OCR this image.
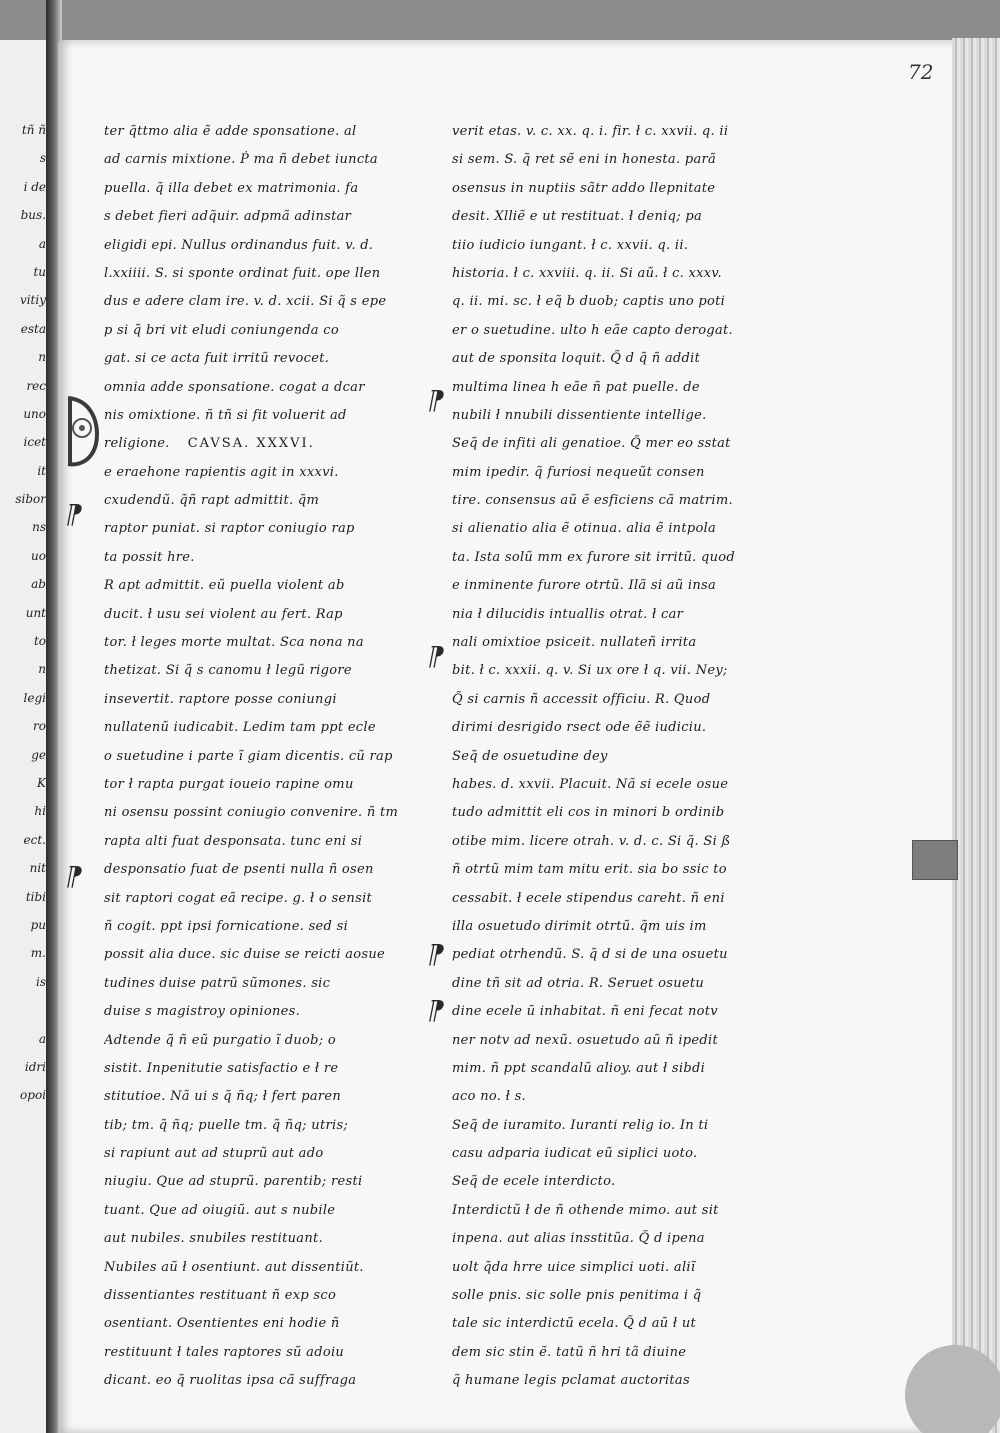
tñ ñ
s
i de
bus.
a
tu
vitiy
esta
n
rec
uno
icet
it
sibor
ns
uo
ab
unt
to
n
legi
ro
ge
K
hi
ect.
nit
tibi
pu
m.
is
a
idri
opoi
72
⁋
⁋
⁋
⁋
⁋
⁋
ter q̃ttmo alia ẽ adde sponsatione. al
ad carnis mixtione. Ṗ ma ñ debet iuncta
puella. q̃ illa debet ex matrimonia. fa
s debet fieri adq̃uir. adpmã adinstar
eligidi epi. Nullus ordinandus fuit. v. d.
l.xxiiii. S. si sponte ordinat fuit. ope llen
dus e adere clam ire. v. d. xcii. Si q̃ s epe
p si q̃ bri vit eludi coniungenda co
gat. si ce acta fuit irritũ revocet.
omnia adde sponsatione. cogat a dcar
nis omixtione. ñ tñ si fit voluerit ad
religione. CAVSA. XXXVI.
e eraehone rapientis agit in xxxvi.
cxudendũ. q̃ñ rapt admittit. q̃m
raptor puniat. si raptor coniugio rap
ta possit hre.
R apt admittit. eũ puella violent ab
ducit. ł usu sei violent au fert. Rap
tor. ł leges morte multat. Sca nona na
thetizat. Si q̃ s canomu ł legũ rigore
insevertit. raptore posse coniungi
nullatenũ iudicabit. Ledim tam ppt ecle
o suetudine i parte ĩ giam dicentis. cũ rap
tor ł rapta purgat ioueio rapine omu
ni osensu possint coniugio convenire. ñ tm
rapta alti fuat desponsata. tunc eni si
desponsatio fuat de psenti nulla ñ osen
sit raptori cogat eã recipe. g. ł o sensit
ñ cogit. ppt ipsi fornicatione. sed si
possit alia duce. sic duise se reicti aosue
tudines duise patrũ sũmones. sic
duise s magistroy opiniones.
Adtende q̃ ñ eũ purgatio ĩ duob; o
sistit. Inpenitutie satisfactio e ł re
stitutioe. Nã ui s q̃ ñq; ł fert paren
tib; tm. q̃ ñq; puelle tm. q̃ ñq; utris;
si rapiunt aut ad stuprũ aut ado
niugiu. Que ad stuprũ. parentib; resti
tuant. Que ad oiugiũ. aut s nubile
aut nubiles. snubiles restituant.
Nubiles aũ ł osentiunt. aut dissentiũt.
dissentiantes restituant ñ exp sco
osentiant. Osentientes eni hodie ñ
restituunt ł tales raptores sũ adoiu
dicant. eo q̃ ruolitas ipsa cã suffraga
verit etas. v. c. xx. q. i. fir. ł c. xxvii. q. ii
si sem. S. q̃ ret sẽ eni in honesta. parã
osensus in nuptiis sãtr addo llepnitate
desit. Xlliẽ e ut restituat. ł deniq; pa
tiio iudicio iungant. ł c. xxvii. q. ii.
historia. ł c. xxviii. q. ii. Si aũ. ł c. xxxv.
q. ii. mi. sc. ł eq̃ b duob; captis uno poti
er o suetudine. ulto h eãe capto derogat.
aut de sponsita loquit. Q̃ d q̃ ñ addit
multima linea h eãe ñ pat puelle. de
nubili ł nnubili dissentiente intellige.
Seq̃ de infiti ali genatioe. Q̃ mer eo sstat
mim ipedir. q̃ furiosi nequeũt consen
tire. consensus aũ ẽ esficiens cã matrim.
si alienatio alia ẽ otinua. alia ẽ intpola
ta. Ista solũ mm ex furore sit irritũ. quod
e inminente furore otrtũ. Ilã si aũ insa
nia ł dilucidis intuallis otrat. ł car
nali omixtioe psiceit. nullateñ irrita
bit. ł c. xxxii. q. v. Si ux ore ł q. vii. Ney;
Q̃ si carnis ñ accessit officiu. R. Quod
dirimi desrigido rsect ode ẽẽ iudiciu.
Seq̃ de osuetudine dey
habes. d. xxvii. Placuit. Nã si ecele osue
tudo admittit eli cos in minori b ordinib
otibe mim. licere otrah. v. d. c. Si q̃. Si ß
ñ otrtũ mim tam mitu erit. sia bo ssic to
cessabit. ł ecele stipendus careht. ñ eni
illa osuetudo dirimit otrtũ. q̃m uis im
pediat otrhendũ. S. q̃ d si de una osuetu
dine tñ sit ad otria. R. Seruet osuetu
dine ecele ũ inhabitat. ñ eni fecat notv
ner notv ad nexũ. osuetudo aũ ñ ipedit
mim. ñ ppt scandalũ alioy. aut ł sibdi
aco no. ł s.
Seq̃ de iuramito. Iuranti relig io. In ti
casu adparia iudicat eũ siplici uoto.
Seq̃ de ecele interdicto.
Interdictũ ł de ñ othende mimo. aut sit
inpena. aut alias insstitũa. Q̃ d ipena
uolt q̃da hrre uice simplici uoti. aliĩ
solle pnis. sic solle pnis penitima i q̃
tale sic interdictũ ecela. Q̃ d aũ ł ut
dem sic stin ẽ. tatũ ñ hri tã diuine
q̃ humane legis pclamat auctoritas
